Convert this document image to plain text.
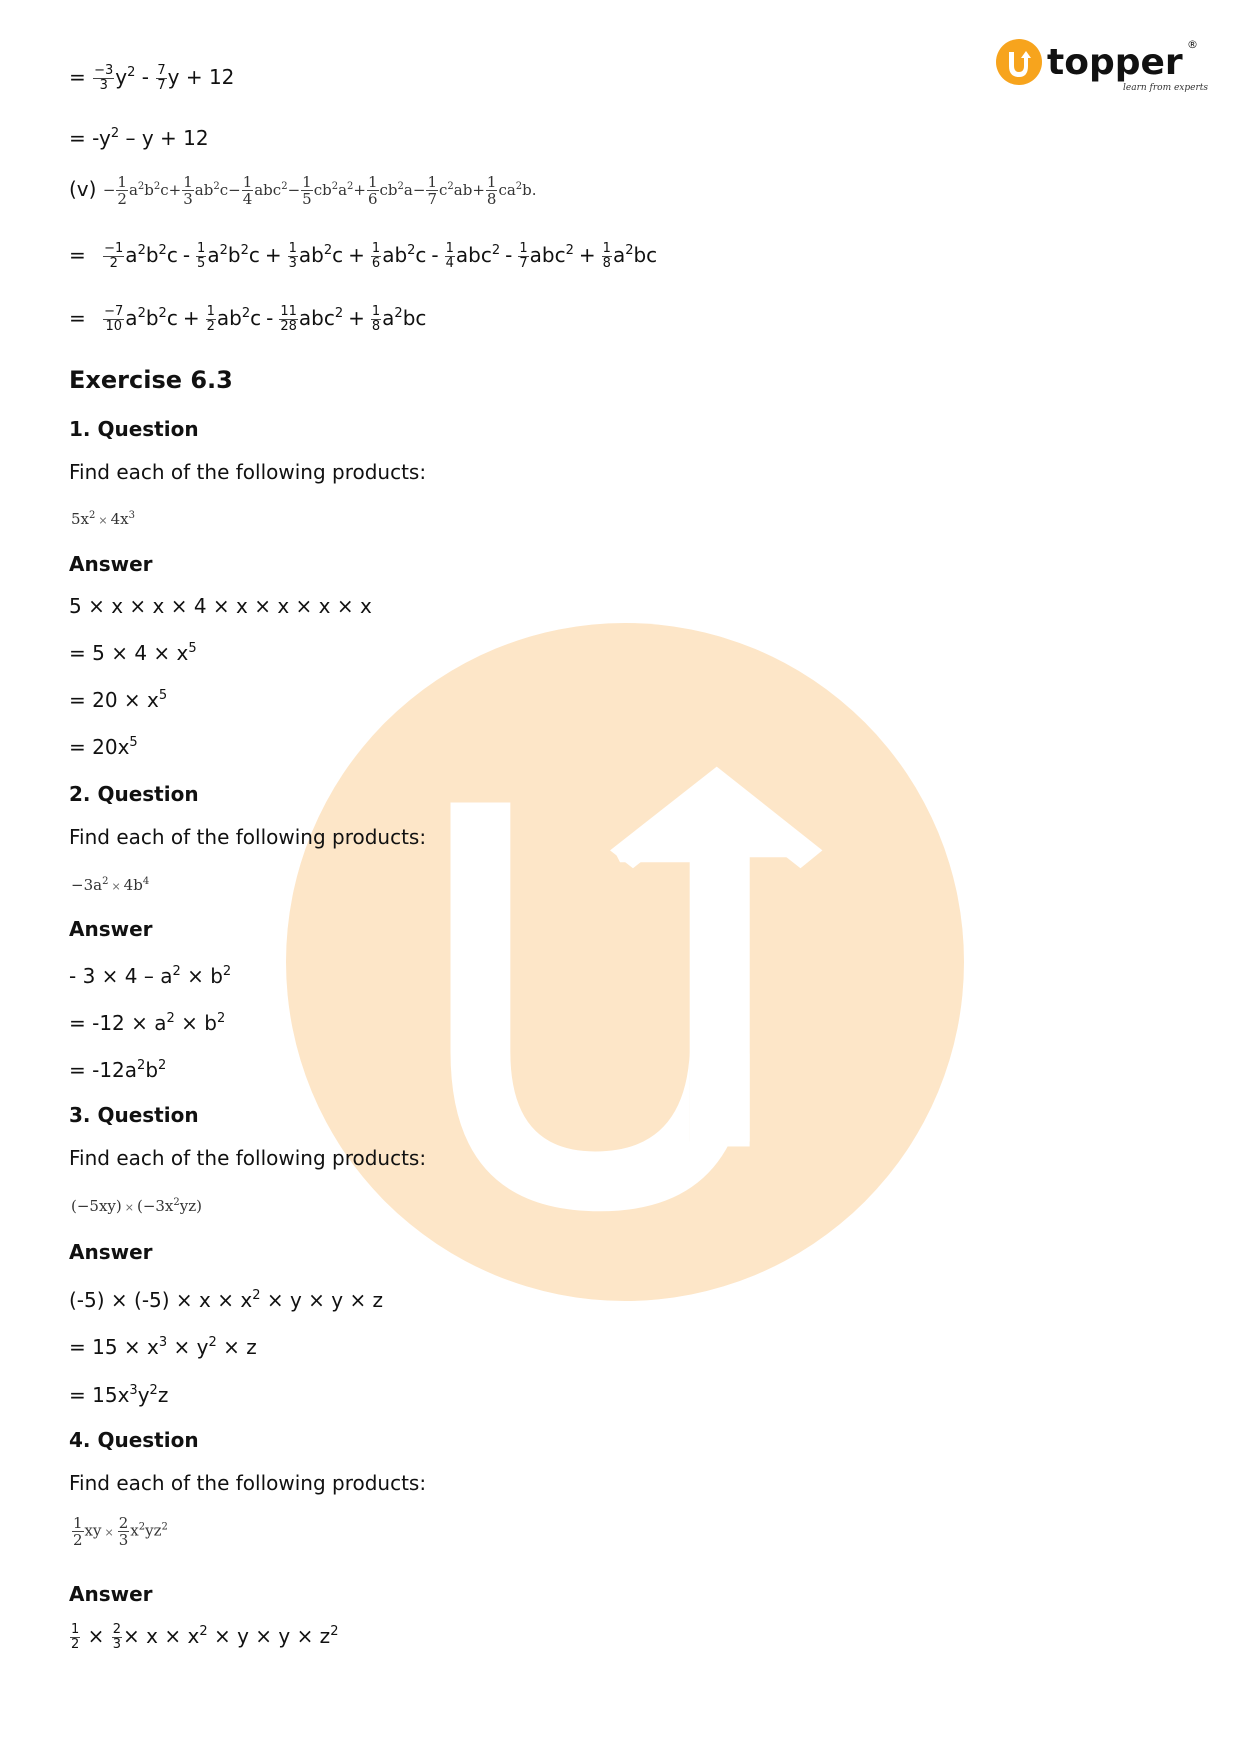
topper ®
learn from experts
= $\frac{-3}{3} y^2 - \frac{7}{7}$ y + 12
= $-y^2 - y + 12$
$(v) - \frac{1}{2} a^2b^2c+ \frac{1}{3} ab^2c- \frac{1}{4} abc^2- \frac{1}{5} cb^2a^2+ \frac{1}{6} cb^2a- \frac{1}{7} c^2ab+ \frac{1}{8} ca^2b$.
= $\frac{-1}{2} a^2b^2c - \frac{1}{5} a^2b^2c + \frac{1}{3} ab^2c + \frac{1}{6} ab^2c - \frac{1}{4} abc^2 - \frac{1}{7} abc^2 + \frac{1}{8} a^2bc$
= $\frac{-7}{10} a^2b^2c + \frac{1}{2} ab^2c - \frac{11}{28} abc^2 + \frac{1}{8} a^2bc$
Exercise 6.3
1. Question
Find each of the following products:
$5x^2 \times 4x^3$
Answer
5 × x × x × 4 × x × x × x × x
= $5 \times 4 \times x^5$
= $20 \times x^5$
= $20x^5$
2. Question
Find each of the following products:
$-3a^2 \times 4b^4$
Answer
- $3 \times 4 - a^2 \times b^2$
= $-12 \times a^2 \times b^2$
= $-12a^2b^2$
3. Question
Find each of the following products:
$(-5xy) \times (-3x^2yz)$
Answer
$(-5) \times (-5) \times x \times x^2 \times y \times y \times z$
= $15 \times x^3 \times y^2 \times z$
= $15x^3y^2z$
4. Question
Find each of the following products:
$\frac{1}{2}$ xy × $\frac{2}{3} x^2yz^2$
Answer
$\frac{1}{2} \times \frac{2}{3} \times x \times x^2 \times y \times y \times z^2$
